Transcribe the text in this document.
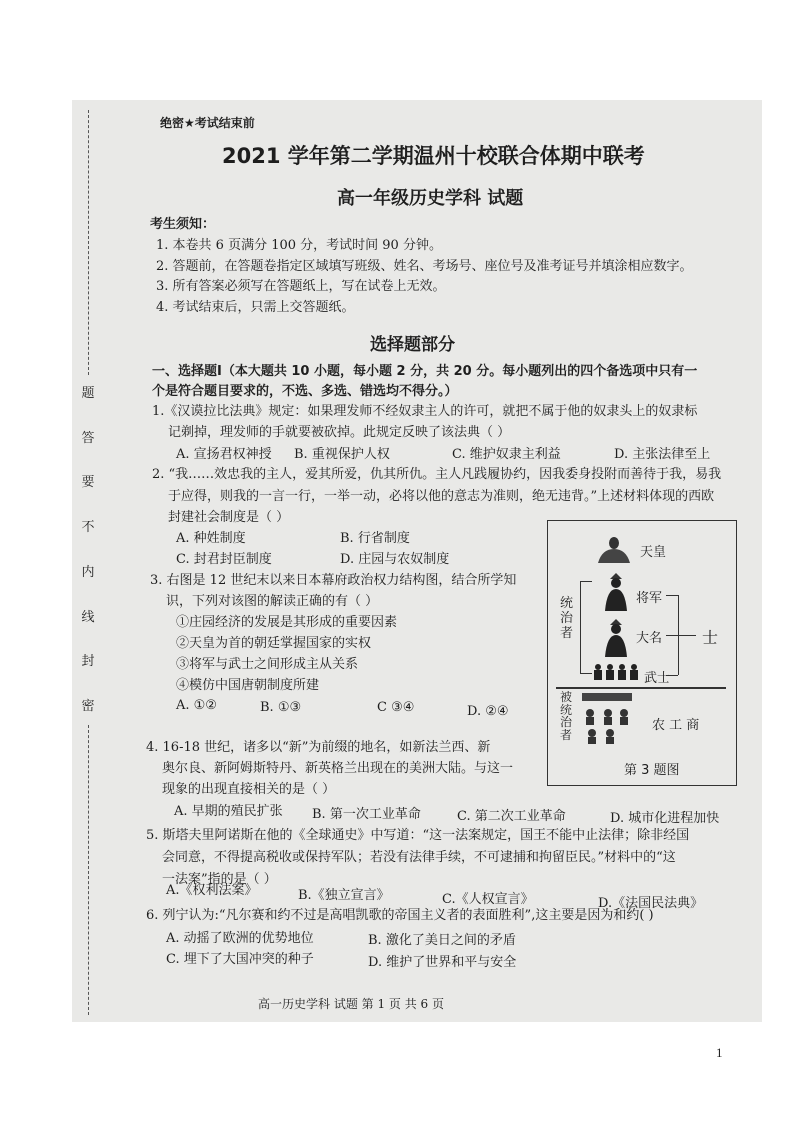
题
答
要
不
内
线
封
密
绝密★考试结束前
2021 学年第二学期温州十校联合体期中联考
高一年级历史学科 试题
考生须知：
1. 本卷共 6 页满分 100 分，考试时间 90 分钟。
2. 答题前，在答题卷指定区域填写班级、姓名、考场号、座位号及准考证号并填涂相应数字。
3. 所有答案必须写在答题纸上，写在试卷上无效。
4. 考试结束后，只需上交答题纸。
选择题部分
一、选择题Ⅰ（本大题共 10 小题，每小题 2 分，共 20 分。每小题列出的四个备选项中只有一
个是符合题目要求的，不选、多选、错选均不得分。）
1.《汉谟拉比法典》规定：如果理发师不经奴隶主人的许可，就把不属于他的奴隶头上的奴隶标
记剃掉，理发师的手就要被砍掉。此规定反映了该法典（ ）
A. 宣扬君权神授 B. 重视保护人权	C. 维护奴隶主利益	D. 主张法律至上
2. “我……效忠我的主人，爱其所爱，仇其所仇。主人凡践履协约，因我委身投附而善待于我，易我
于应得，则我的一言一行，一举一动，必将以他的意志为准则，绝无违背。”上述材料体现的西欧
封建社会制度是（ ）
A. 种姓制度	B. 行省制度
C. 封君封臣制度	D. 庄园与农奴制度
3. 右图是 12 世纪末以来日本幕府政治权力结构图，结合所学知
识，下列对该图的解读正确的有（ ）
①庄园经济的发展是其形成的重要因素
②天皇为首的朝廷掌握国家的实权
③将军与武士之间形成主从关系
④模仿中国唐朝制度所建
A. ①②	B. ①③	C ③④	D. ②④
天皇
统治者
将军
大名
武士
士
被统治者
农 工 商
第 3 题图
4. 16-18 世纪，诸多以“新”为前缀的地名，如新法兰西、新
奥尔良、新阿姆斯特丹、新英格兰出现在的美洲大陆。与这一
现象的出现直接相关的是（ ）
A. 早期的殖民扩张 B. 第一次工业革命	C. 第二次工业革命	D. 城市化进程加快
5. 斯塔夫里阿诺斯在他的《全球通史》中写道：“这一法案规定，国王不能中止法律；除非经国
会同意，不得提高税收或保持军队；若没有法律手续，不可逮捕和拘留臣民。”材料中的“这
一法案”指的是（ ）
A.《权利法案》	B.《独立宣言》	C.《人权宣言》	D.《法国民法典》
6. 列宁认为:“凡尔赛和约不过是高唱凯歌的帝国主义者的表面胜利”,这主要是因为和约( )
A. 动摇了欧洲的优势地位	B. 激化了美日之间的矛盾
C. 埋下了大国冲突的种子	D. 维护了世界和平与安全
高一历史学科 试题 第 1 页 共 6 页
1
